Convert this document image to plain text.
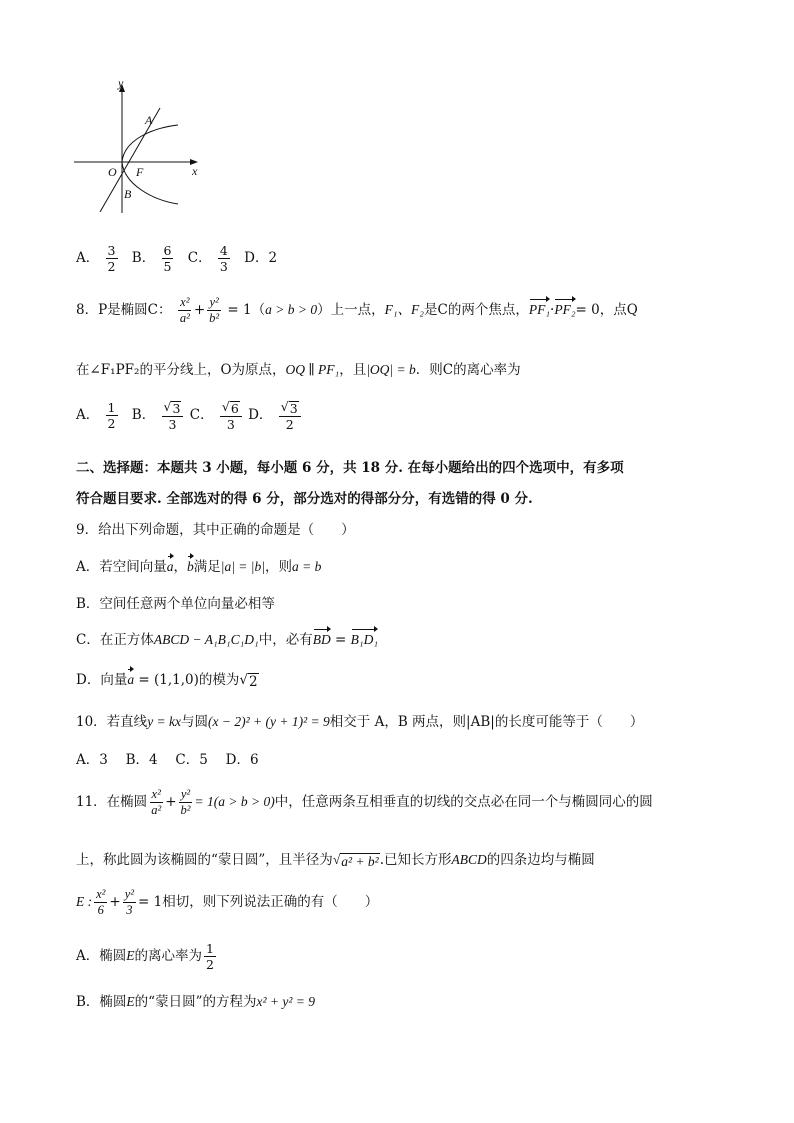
y
x
O F
A
B
A． $\frac{3}{2}$ B． $\frac{6}{5}$ C． $\frac{4}{3}$ D．2
8．P是椭圆C： $\frac{\text{x²}}{\text{a²}} + \frac{\text{y²}}{\text{b²}} = 1(a > b > 0)$上一点，F₁、F₂是C的两个焦点，PF₁·PF₂= 0，点Q
在∠F₁PF₂的平分线上，O为原点，OQ ∥ PF₁，且|OQ| = b．则C的离心率为
A． $\frac{1}{2}$ B． $\frac{√ 3}{3}$ C． $\frac{√ 6}{3}$ D． $\frac{√ 3}{2}$
二、选择题：本题共 3 小题，每小题 6 分，共 18 分. 在每小题给出的四个选项中，有多项
符合题目要求. 全部选对的得 6 分，部分选对的得部分分，有选错的得 0 分.
9．给出下列命题，其中正确的命题是（　　）
A．若空间向量a，b满足|a| = |b|，则a = b
B．空间任意两个单位向量必相等
C．在正方体ABCD − A₁B₁C₁D₁中，必有BD = B₁D₁
D．向量a = (1,1,0)的模为√ 2
10．若直线y = kx与圆(x − 2)² + (y + 1)² = 9相交于 A，B 两点，则|AB|的长度可能等于（　　）
A．3　 B．4　 C．5　 D．6
11．在椭圆 $\frac{\text{x²}}{\text{a²}} + \frac{\text{y²}}{\text{b²}} = 1(a > b > 0)$中，任意两条互相垂直的切线的交点必在同一个与椭圆同心的圆
上，称此圆为该椭圆的“蒙日圆”，且半径为√ a² + b² .已知长方形ABCD的四条边均与椭圆
E : $\frac{\text{x²}}{6} + \frac{\text{y²}}{3} = 1$相切，则下列说法正确的有（　　）
A．椭圆E的离心率为 $\frac{1}{2}$
B．椭圆E的“蒙日圆”的方程为x² + y² = 9
